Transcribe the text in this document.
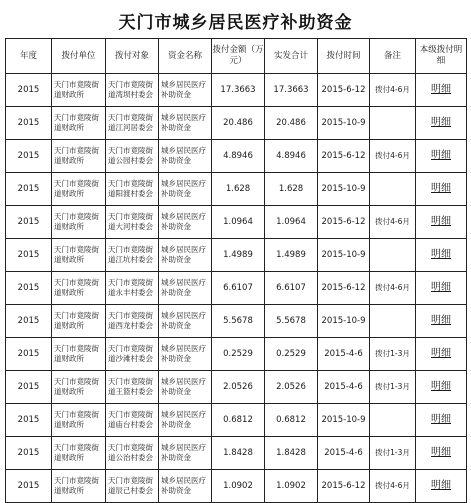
天门市城乡居民医疗补助资金
年度	拨付单位	拨付对象	资金名称	拨付金额（万元）	实发合计	拨付时间	备注	本级拨付明细
2015	天门市竟陵街道财政所	天门市竟陵街道湾坝村委会	城乡居民医疗补助资金	17.3663	17.3663	2015-6-12	拨付4-6月	明细
2015	天门市竟陵街道财政所	天门市竟陵街道江河居委会	城乡居民医疗补助资金	20.486	20.486	2015-10-9		明细
2015	天门市竟陵街道财政所	天门市竟陵街道公园村委会	城乡居民医疗补助资金	4.8946	4.8946	2015-6-12	拨付4-6月	明细
2015	天门市竟陵街道财政所	天门市竟陵街道阳渡村委会	城乡居民医疗补助资金	1.628	1.628	2015-10-9		明细
2015	天门市竟陵街道财政所	天门市竟陵街道大河村委会	城乡居民医疗补助资金	1.0964	1.0964	2015-6-12	拨付4-6月	明细
2015	天门市竟陵街道财政所	天门市竟陵街道江坑村委会	城乡居民医疗补助资金	1.4989	1.4989	2015-10-9		明细
2015	天门市竟陵街道财政所	天门市竟陵街道永丰村委会	城乡居民医疗补助资金	6.6107	6.6107	2015-6-12	拨付4-6月	明细
2015	天门市竟陵街道财政所	天门市竟陵街道西龙村委会	城乡居民医疗补助资金	5.5678	5.5678	2015-10-9		明细
2015	天门市竟陵街道财政所	天门市竟陵街道沙滩村委会	城乡居民医疗补助资金	0.2529	0.2529	2015-4-6	拨付1-3月	明细
2015	天门市竟陵街道财政所	天门市竟陵街道王篮村委会	城乡居民医疗补助资金	2.0526	2.0526	2015-4-6	拨付1-3月	明细
2015	天门市竟陵街道财政所	天门市竟陵街道庙台村委会	城乡居民医疗补助资金	0.6812	0.6812	2015-10-9		明细
2015	天门市竟陵街道财政所	天门市竟陵街道公治村委会	城乡居民医疗补助资金	1.8428	1.8428	2015-4-6	拨付1-3月	明细
2015	天门市竟陵街道财政所	天门市竟陵街道辰己村委会	城乡居民医疗补助资金	1.0902	1.0902	2015-6-12	拨付4-6月	明细
